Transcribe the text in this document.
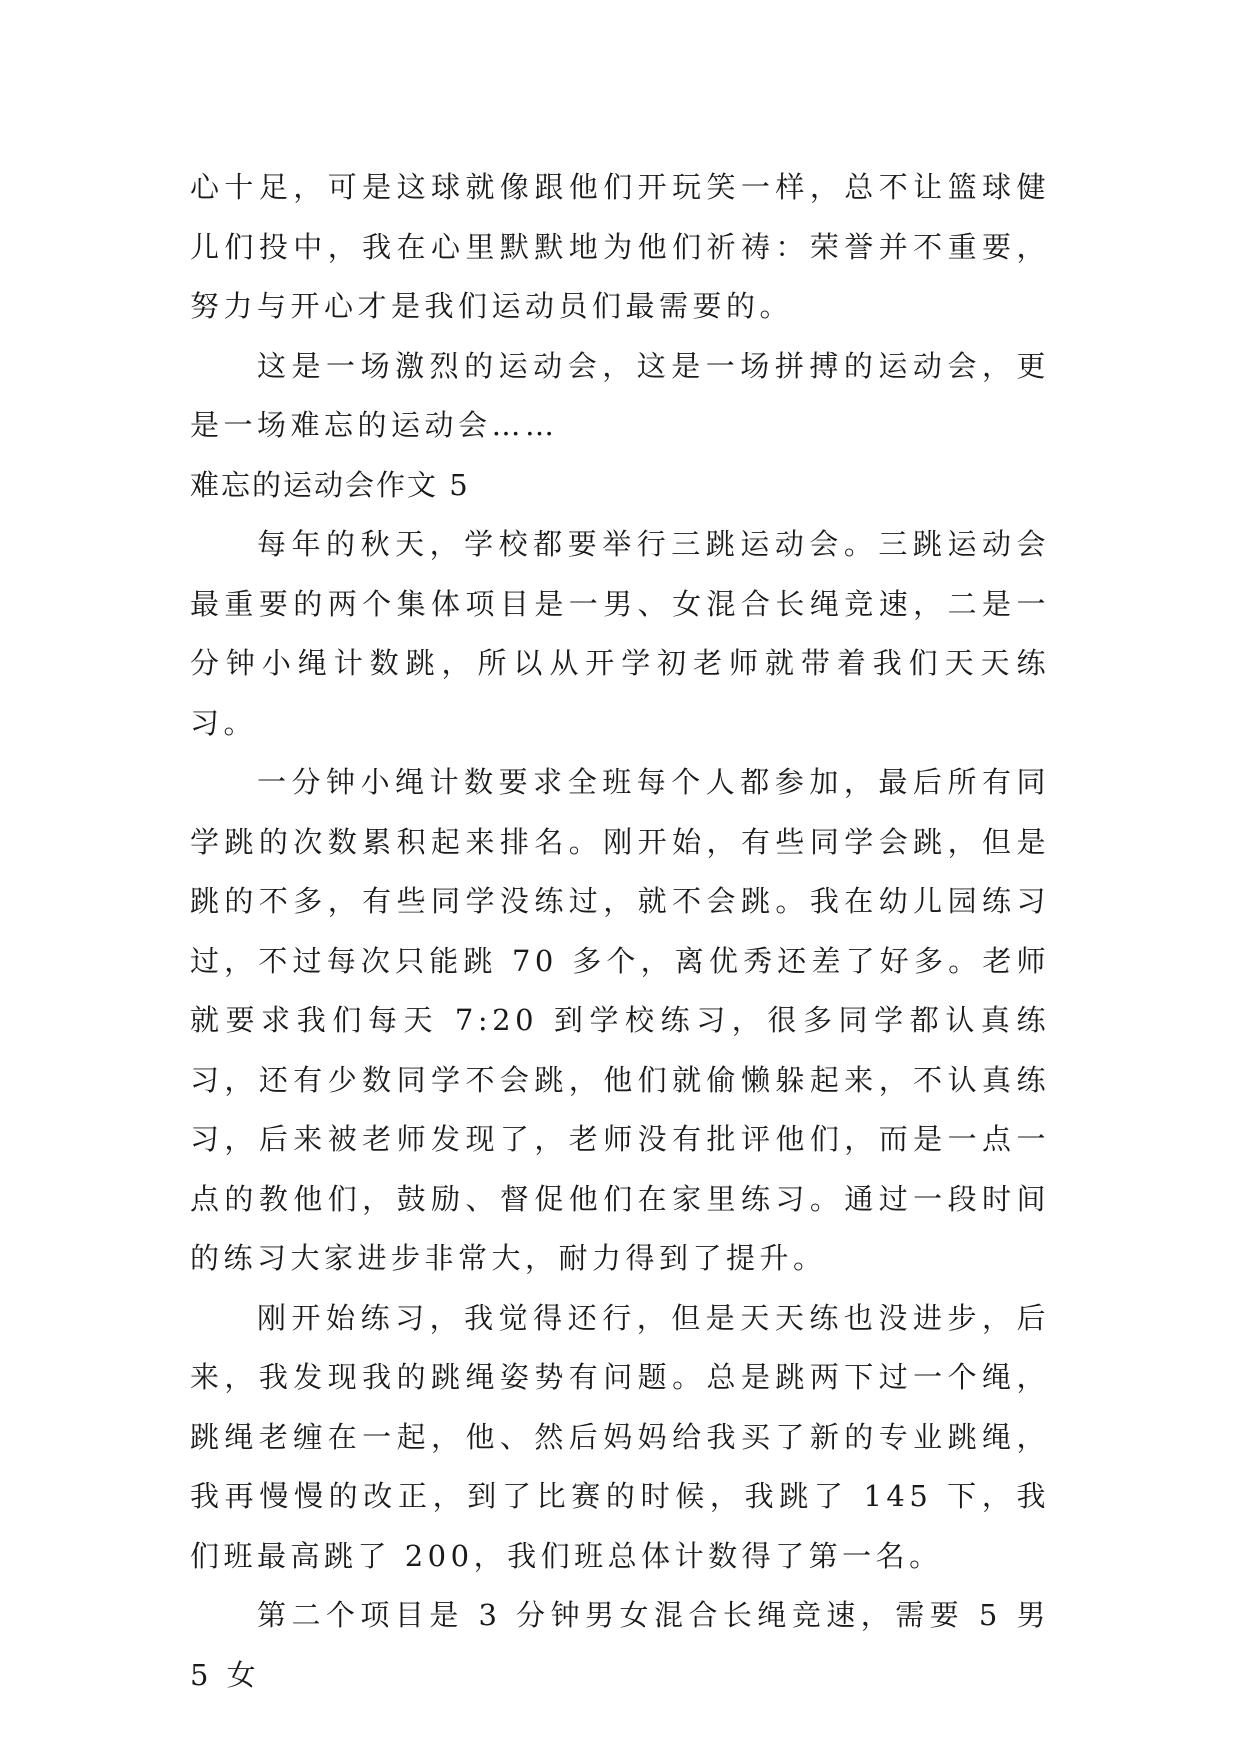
心十足，可是这球就像跟他们开玩笑一样，总不让篮球健儿们投中，我在心里默默地为他们祈祷：荣誉并不重要，努力与开心才是我们运动员们最需要的。

这是一场激烈的运动会，这是一场拼搏的运动会，更是一场难忘的运动会……

难忘的运动会作文 5

每年的秋天，学校都要举行三跳运动会。三跳运动会最重要的两个集体项目是一男、女混合长绳竞速，二是一分钟小绳计数跳，所以从开学初老师就带着我们天天练习。

一分钟小绳计数要求全班每个人都参加，最后所有同学跳的次数累积起来排名。刚开始，有些同学会跳，但是跳的不多，有些同学没练过，就不会跳。我在幼儿园练习过，不过每次只能跳 70 多个，离优秀还差了好多。老师就要求我们每天 7:20 到学校练习，很多同学都认真练习，还有少数同学不会跳，他们就偷懒躲起来，不认真练习，后来被老师发现了，老师没有批评他们，而是一点一点的教他们，鼓励、督促他们在家里练习。通过一段时间的练习大家进步非常大，耐力得到了提升。

刚开始练习，我觉得还行，但是天天练也没进步，后来，我发现我的跳绳姿势有问题。总是跳两下过一个绳，跳绳老缠在一起，他、然后妈妈给我买了新的专业跳绳，我再慢慢的改正，到了比赛的时候，我跳了 145 下，我们班最高跳了 200，我们班总体计数得了第一名。

第二个项目是 3 分钟男女混合长绳竞速，需要 5 男 5 女
